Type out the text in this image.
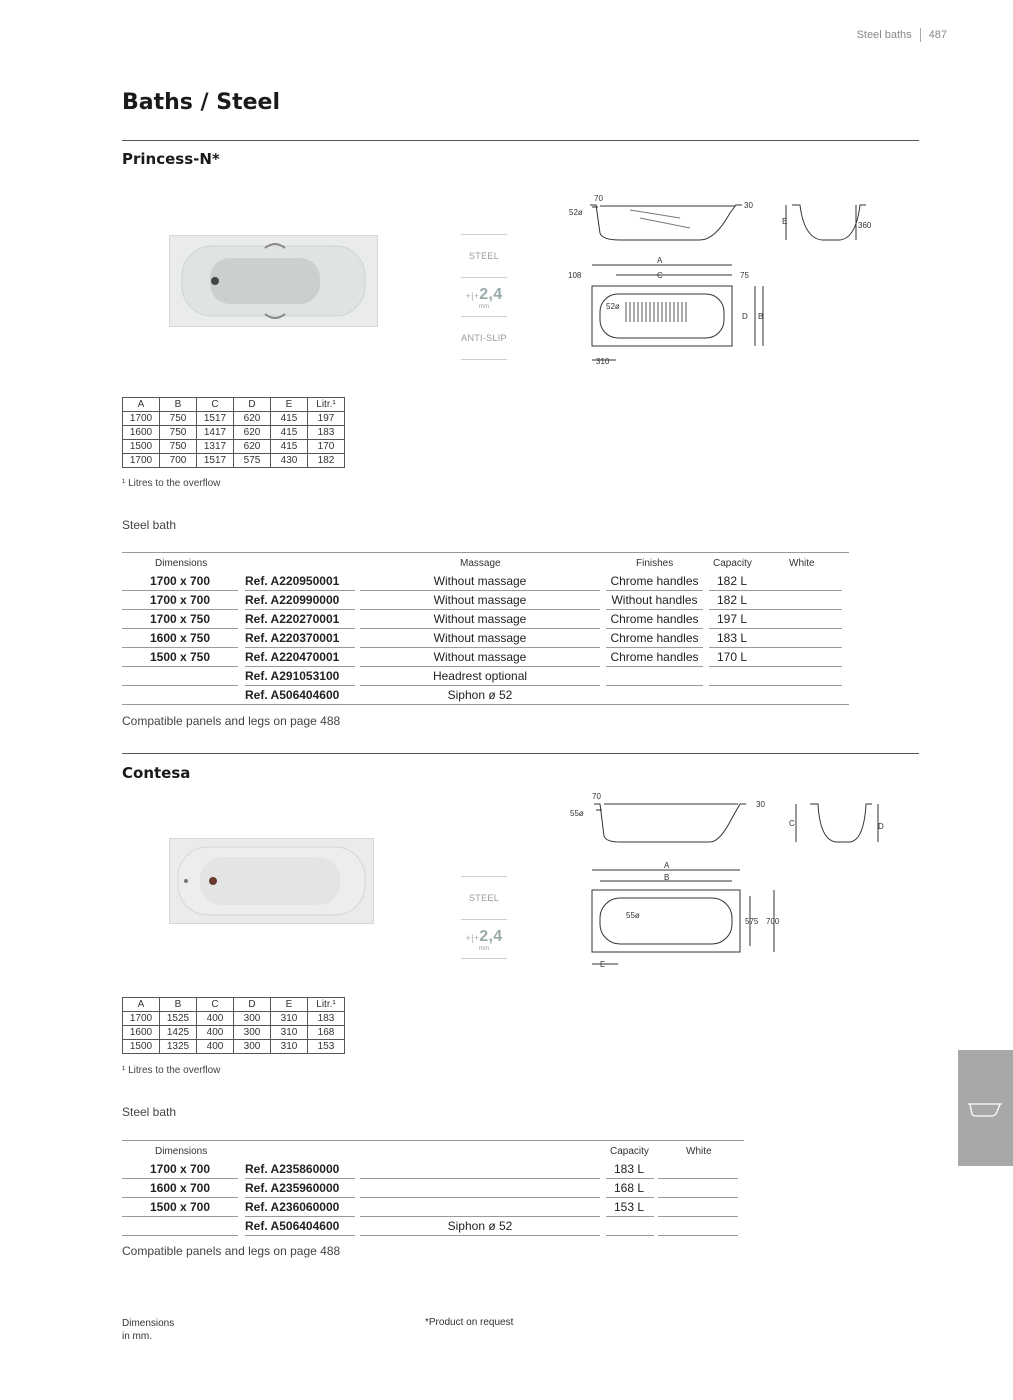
Steel baths 487
Baths / Steel
Princess-N*
STEEL
+|+2,4
mm
ANTI-SLIP
70
52ø
30
E	360
A
C
108	75
D B
52ø
310
A	B	C	D	E	Litr.¹
1700	750	1517	620	415	197
1600	750	1417	620	415	183
1500	750	1317	620	415	170
1700	700	1517	575	430	182
¹ Litres to the overflow
Steel bath
Dimensions	Massage	Finishes	Capacity	White
1700 x 700	Ref. A220950001	Without massage	Chrome handles	182 L
1700 x 700	Ref. A220990000	Without massage	Without handles	182 L
1700 x 750	Ref. A220270001	Without massage	Chrome handles	197 L
1600 x 750	Ref. A220370001	Without massage	Chrome handles	183 L
1500 x 750	Ref. A220470001	Without massage	Chrome handles	170 L
Ref. A291053100	Headrest optional
Ref. A506404600	Siphon ø 52
Compatible panels and legs on page 488
Contesa
STEEL
+|+2,4
mm
70
55ø
30
C	D
A
B
55ø
575 700
E
A	B	C	D	E	Litr.¹
1700	1525	400	300	310	183
1600	1425	400	300	310	168
1500	1325	400	300	310	153
¹ Litres to the overflow
Steel bath
Dimensions	Capacity	White
1700 x 700	Ref. A235860000	183 L
1600 x 700	Ref. A235960000	168 L
1500 x 700	Ref. A236060000	153 L
Ref. A506404600	Siphon ø 52
Compatible panels and legs on page 488
Dimensions
in mm.
*Product on request
